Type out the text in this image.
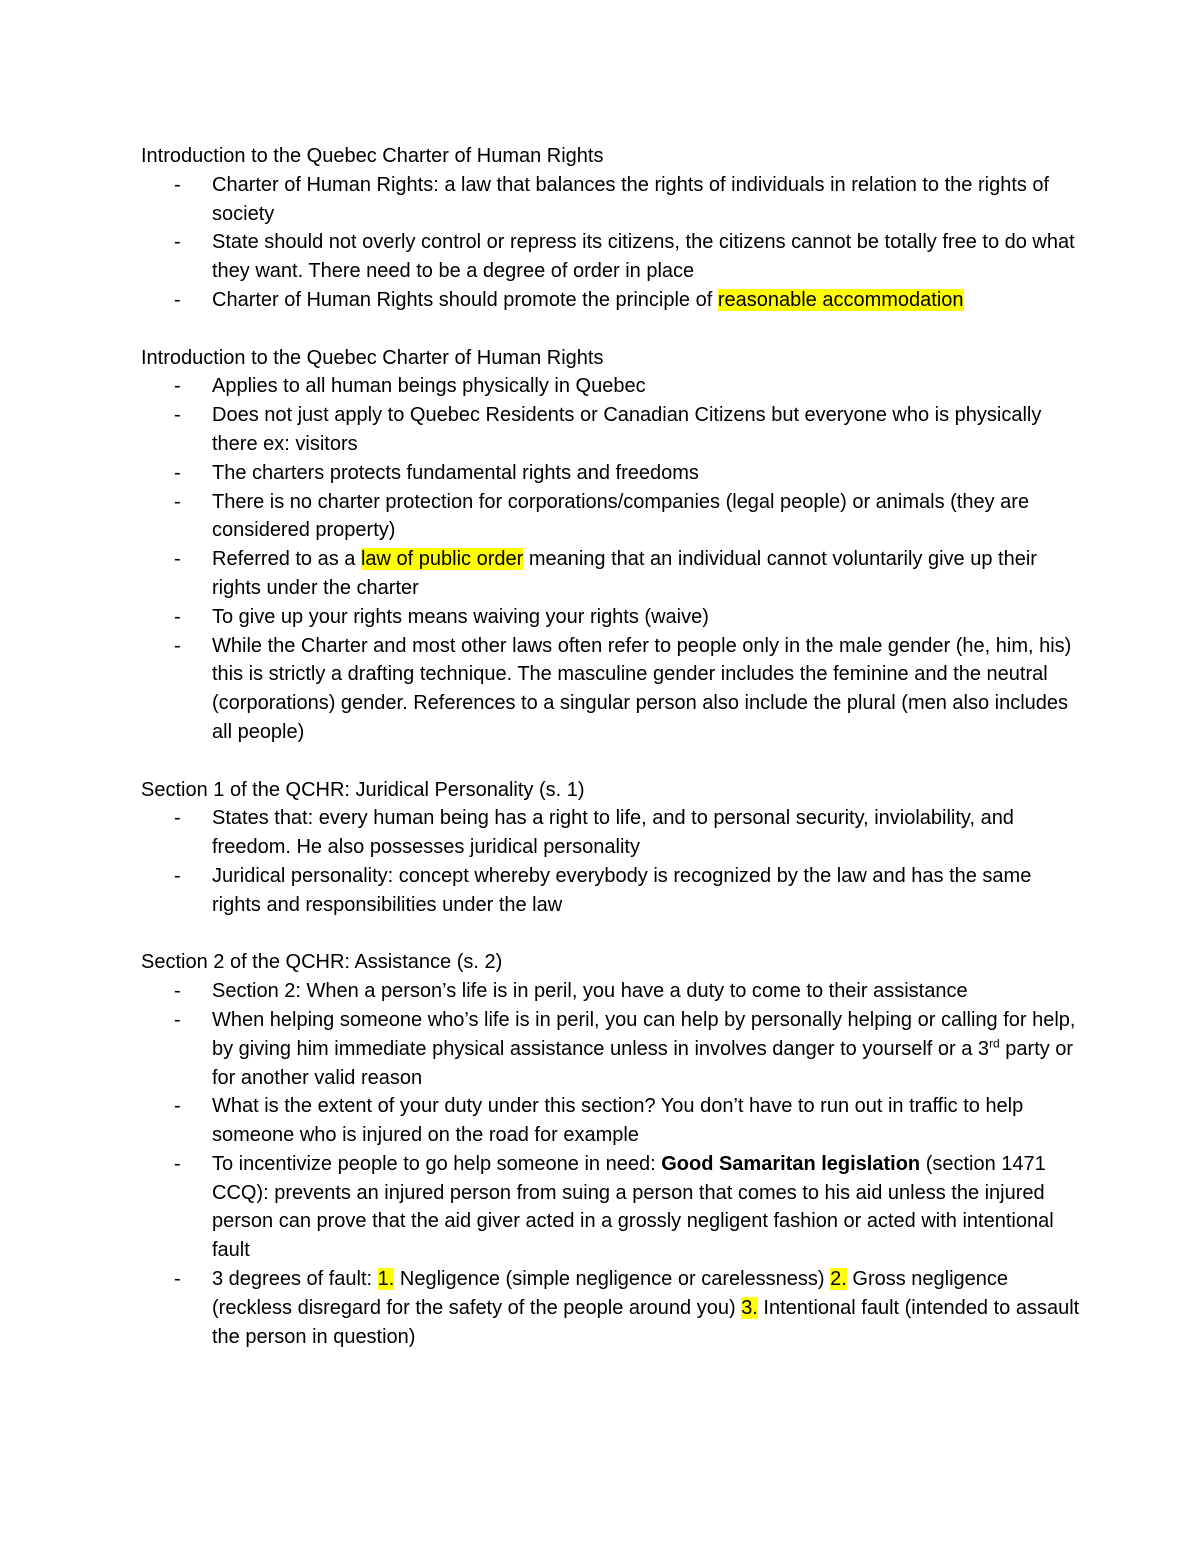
Introduction to the Quebec Charter of Human Rights

- Charter of Human Rights: a law that balances the rights of individuals in relation to the rights of society
- State should not overly control or repress its citizens, the citizens cannot be totally free to do what they want. There need to be a degree of order in place
- Charter of Human Rights should promote the principle of reasonable accommodation

Introduction to the Quebec Charter of Human Rights

- Applies to all human beings physically in Quebec
- Does not just apply to Quebec Residents or Canadian Citizens but everyone who is physically there ex: visitors
- The charters protects fundamental rights and freedoms
- There is no charter protection for corporations/companies (legal people) or animals (they are considered property)
- Referred to as a law of public order meaning that an individual cannot voluntarily give up their rights under the charter
- To give up your rights means waiving your rights (waive)
- While the Charter and most other laws often refer to people only in the male gender (he, him, his) this is strictly a drafting technique. The masculine gender includes the feminine and the neutral (corporations) gender. References to a singular person also include the plural (men also includes all people)

Section 1 of the QCHR: Juridical Personality (s. 1)

- States that: every human being has a right to life, and to personal security, inviolability, and freedom. He also possesses juridical personality
- Juridical personality: concept whereby everybody is recognized by the law and has the same rights and responsibilities under the law

Section 2 of the QCHR: Assistance (s. 2)

- Section 2: When a person’s life is in peril, you have a duty to come to their assistance
- When helping someone who’s life is in peril, you can help by personally helping or calling for help, by giving him immediate physical assistance unless in involves danger to yourself or a 3rd party or for another valid reason
- What is the extent of your duty under this section? You don’t have to run out in traffic to help someone who is injured on the road for example
- To incentivize people to go help someone in need: Good Samaritan legislation (section 1471 CCQ): prevents an injured person from suing a person that comes to his aid unless the injured person can prove that the aid giver acted in a grossly negligent fashion or acted with intentional fault
- 3 degrees of fault: 1. Negligence (simple negligence or carelessness) 2. Gross negligence (reckless disregard for the safety of the people around you) 3. Intentional fault (intended to assault the person in question)
